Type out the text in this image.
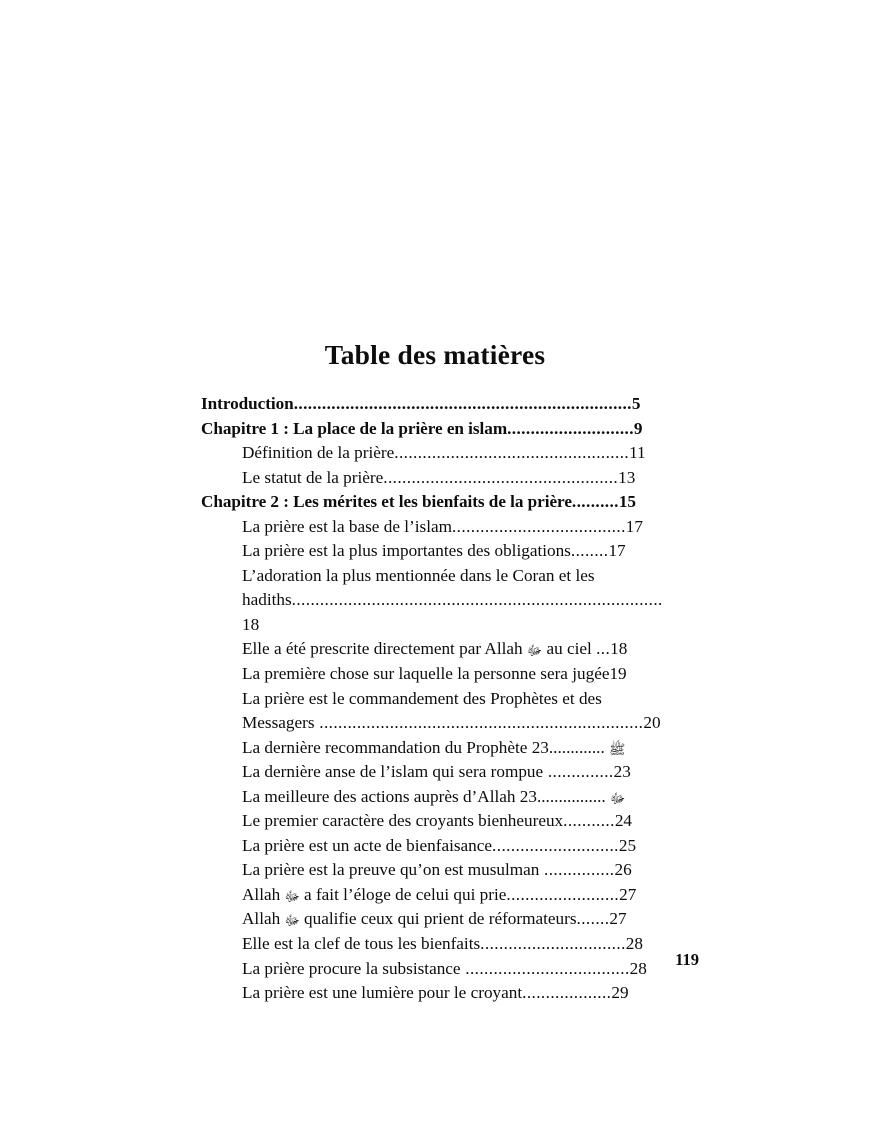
Table des matières
Introduction........................................................................5
Chapitre 1 : La place de la prière en islam...........................9
Définition de la prière..................................................11
Le statut de la prière..................................................13
Chapitre 2 : Les mérites et les bienfaits de la prière..........15
La prière est la base de l’islam.....................................17
La prière est la plus importantes des obligations........17
L’adoration la plus mentionnée dans le Coran et les hadiths...............................................................................18
Elle a été prescrite directement par Allah ﷻ au ciel ...18
La première chose sur laquelle la personne sera jugée19
La prière est le commandement des Prophètes et des Messagers .....................................................................20
La dernière recommandation du Prophète	ﷺ .............23
La dernière anse de l’islam qui sera rompue ..............23
La meilleure des actions auprès d’Allah	ﷻ ................23
Le premier caractère des croyants bienheureux...........24
La prière est un acte de bienfaisance...........................25
La prière est la preuve qu’on est musulman ...............26
Allah ﷻ a fait l’éloge de celui qui prie........................27
Allah ﷻ qualifie ceux qui prient de réformateurs.......27
Elle est la clef de tous les bienfaits...............................28
La prière procure la subsistance ...................................28
La prière est une lumière pour le croyant...................29
119
